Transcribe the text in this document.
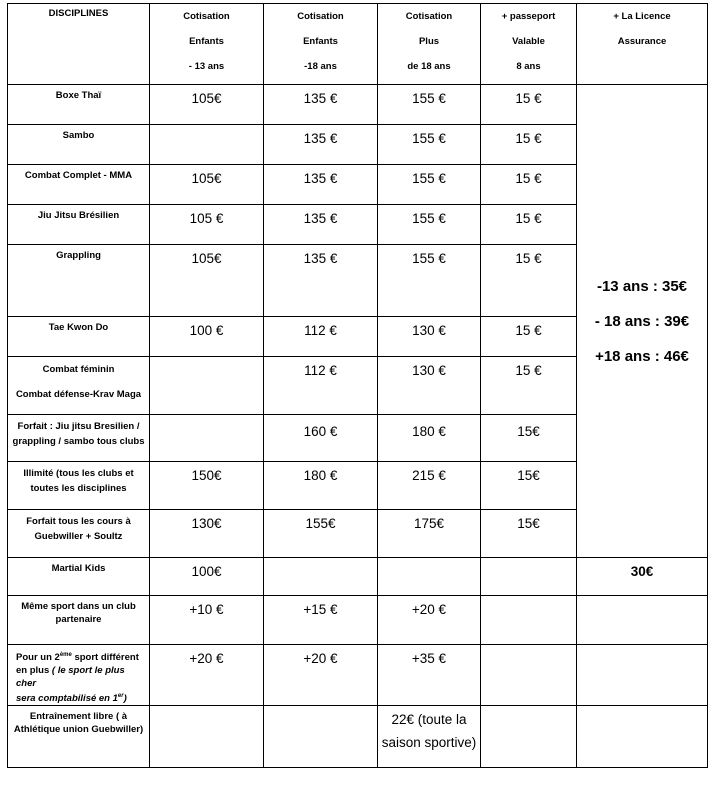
DISCIPLINES	Cotisation
Enfants
- 13 ans	Cotisation
Enfants
-18 ans	Cotisation
Plus
de 18 ans	+ passeport
Valable
8 ans	+ La Licence
Assurance

Boxe Thaï	105€	135 €	155 €	15 €	-13 ans : 35€
- 18 ans : 39€
+18 ans : 46€

Sambo		135 €	155 €	15 €	
Combat Complet - MMA	105€	135 €	155 €	15 €	
Jiu Jitsu Brésilien	105 €	135 €	155 €	15 €	
Grappling	105€	135 €	155 €	15 €	
Tae Kwon Do	100 €	112 €	130 €	15 €	

Combat féminin
Combat défense-Krav Maga		112 €	130 €	15 €	

Forfait : Jiu jitsu Bresilien /
grappling / sambo tous clubs		160 €	180 €	15€	

Illimité (tous les clubs et
toutes les disciplines	150€	180 €	215 €	15€	

Forfait tous les cours à
Guebwiller + Soultz	130€	155€	175€	15€	
Martial Kids	100€				30€

Même sport dans un club
partenaire	+10 €	+15 €	+20 €		

Pour un 2ème sport différent
en plus ( le sport le plus cher
sera comptabilisé en 1er)	+20 €	+20 €	+35 €		

Entraînement libre ( à
Athlétique union Guebwiller)			22€ (toute la
saison sportive)		
